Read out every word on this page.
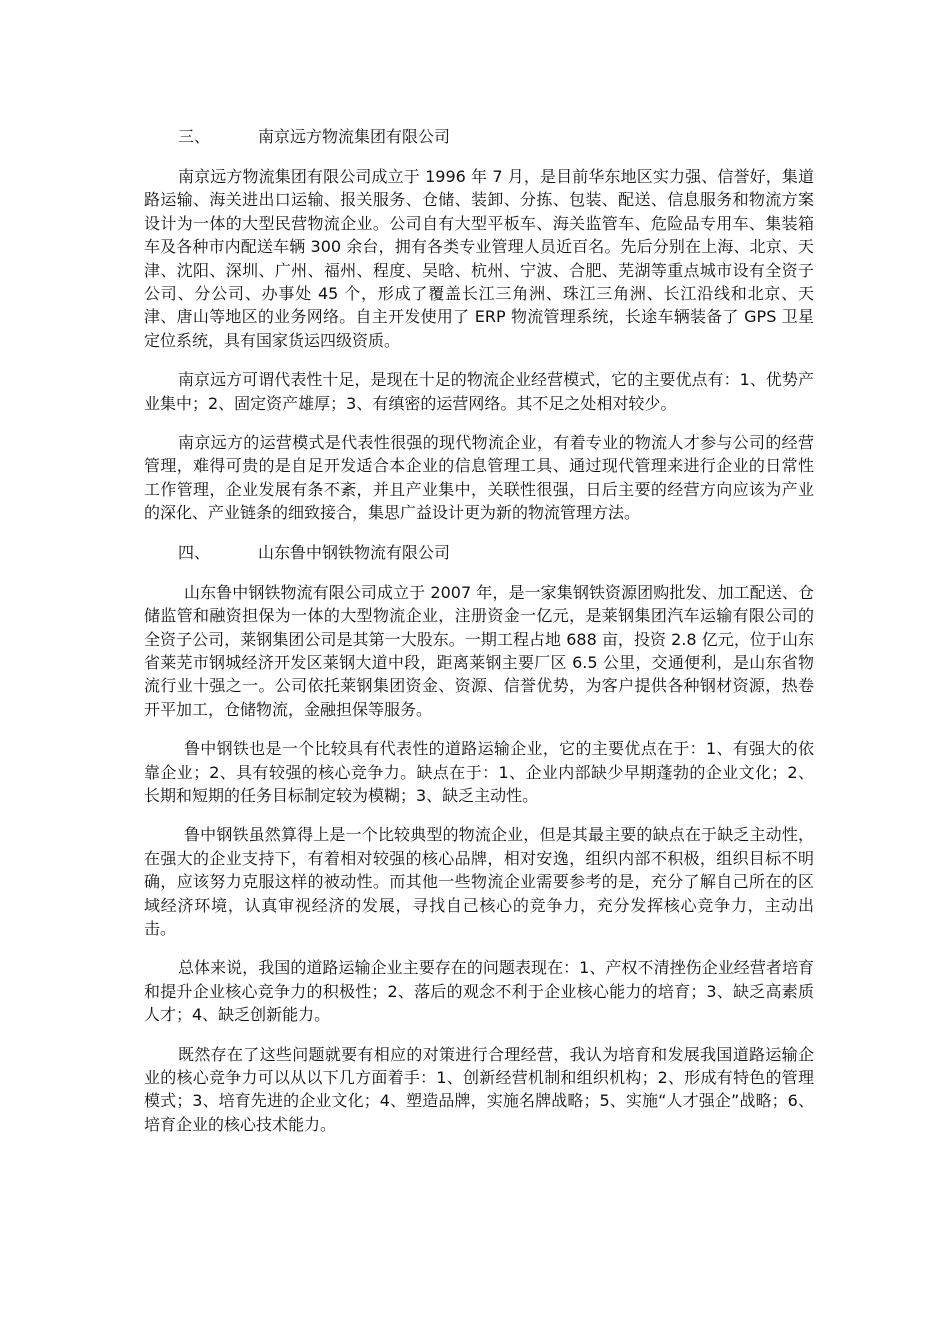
三、	南京远方物流集团有限公司

南京远方物流集团有限公司成立于 1996 年 7 月，是目前华东地区实力强、信誉好，集道路运输、海关进出口运输、报关服务、仓储、装卸、分拣、包装、配送、信息服务和物流方案设计为一体的大型民营物流企业。公司自有大型平板车、海关监管车、危险品专用车、集装箱车及各种市内配送车辆 300 余台，拥有各类专业管理人员近百名。先后分别在上海、北京、天津、沈阳、深圳、广州、福州、程度、吴晗、杭州、宁波、合肥、芜湖等重点城市设有全资子公司、分公司、办事处 45 个，形成了覆盖长江三角洲、珠江三角洲、长江沿线和北京、天津、唐山等地区的业务网络。自主开发使用了 ERP 物流管理系统，长途车辆装备了 GPS 卫星定位系统，具有国家货运四级资质。

南京远方可谓代表性十足，是现在十足的物流企业经营模式，它的主要优点有：1、优势产业集中；2、固定资产雄厚；3、有缜密的运营网络。其不足之处相对较少。

南京远方的运营模式是代表性很强的现代物流企业，有着专业的物流人才参与公司的经营管理，难得可贵的是自足开发适合本企业的信息管理工具、通过现代管理来进行企业的日常性工作管理，企业发展有条不紊，并且产业集中，关联性很强，日后主要的经营方向应该为产业的深化、产业链条的细致接合，集思广益设计更为新的物流管理方法。

四、	山东鲁中钢铁物流有限公司

山东鲁中钢铁物流有限公司成立于 2007 年，是一家集钢铁资源团购批发、加工配送、仓储监管和融资担保为一体的大型物流企业，注册资金一亿元，是莱钢集团汽车运输有限公司的全资子公司，莱钢集团公司是其第一大股东。一期工程占地 688 亩，投资 2.8 亿元，位于山东省莱芜市钢城经济开发区莱钢大道中段，距离莱钢主要厂区 6.5 公里，交通便利，是山东省物流行业十强之一。公司依托莱钢集团资金、资源、信誉优势，为客户提供各种钢材资源，热卷开平加工，仓储物流，金融担保等服务。

鲁中钢铁也是一个比较具有代表性的道路运输企业，它的主要优点在于：1、有强大的依靠企业；2、具有较强的核心竞争力。缺点在于：1、企业内部缺少早期蓬勃的企业文化；2、长期和短期的任务目标制定较为模糊；3、缺乏主动性。

鲁中钢铁虽然算得上是一个比较典型的物流企业，但是其最主要的缺点在于缺乏主动性，在强大的企业支持下，有着相对较强的核心品牌，相对安逸，组织内部不积极，组织目标不明确，应该努力克服这样的被动性。而其他一些物流企业需要参考的是，充分了解自己所在的区域经济环境，认真审视经济的发展，寻找自己核心的竞争力，充分发挥核心竞争力，主动出击。

总体来说，我国的道路运输企业主要存在的问题表现在：1、产权不清挫伤企业经营者培育和提升企业核心竞争力的积极性；2、落后的观念不利于企业核心能力的培育；3、缺乏高素质人才；4、缺乏创新能力。

既然存在了这些问题就要有相应的对策进行合理经营，我认为培育和发展我国道路运输企业的核心竞争力可以从以下几方面着手：1、创新经营机制和组织机构；2、形成有特色的管理模式；3、培育先进的企业文化；4、塑造品牌，实施名牌战略；5、实施“人才强企”战略；6、培育企业的核心技术能力。
